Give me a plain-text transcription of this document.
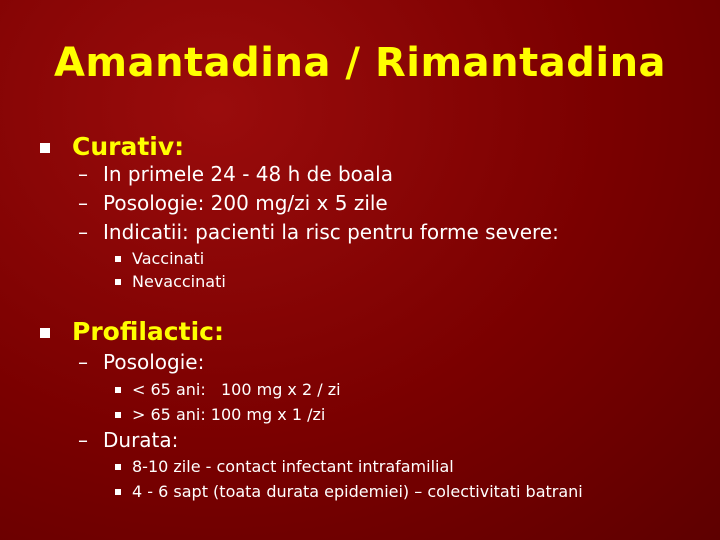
Amantadina / Rimantadina
Curativ:
– In primele 24 - 48 h de boala
– Posologie: 200 mg/zi x 5 zile
– Indicatii: pacienti la risc pentru forme severe:
Vaccinati
Nevaccinati
Profilactic:
– Posologie:
< 65 ani:   100 mg x 2 / zi
> 65 ani: 100 mg x 1 /zi
– Durata:
8-10 zile - contact infectant intrafamilial
4 - 6 sapt (toata durata epidemiei) – colectivitati batrani
